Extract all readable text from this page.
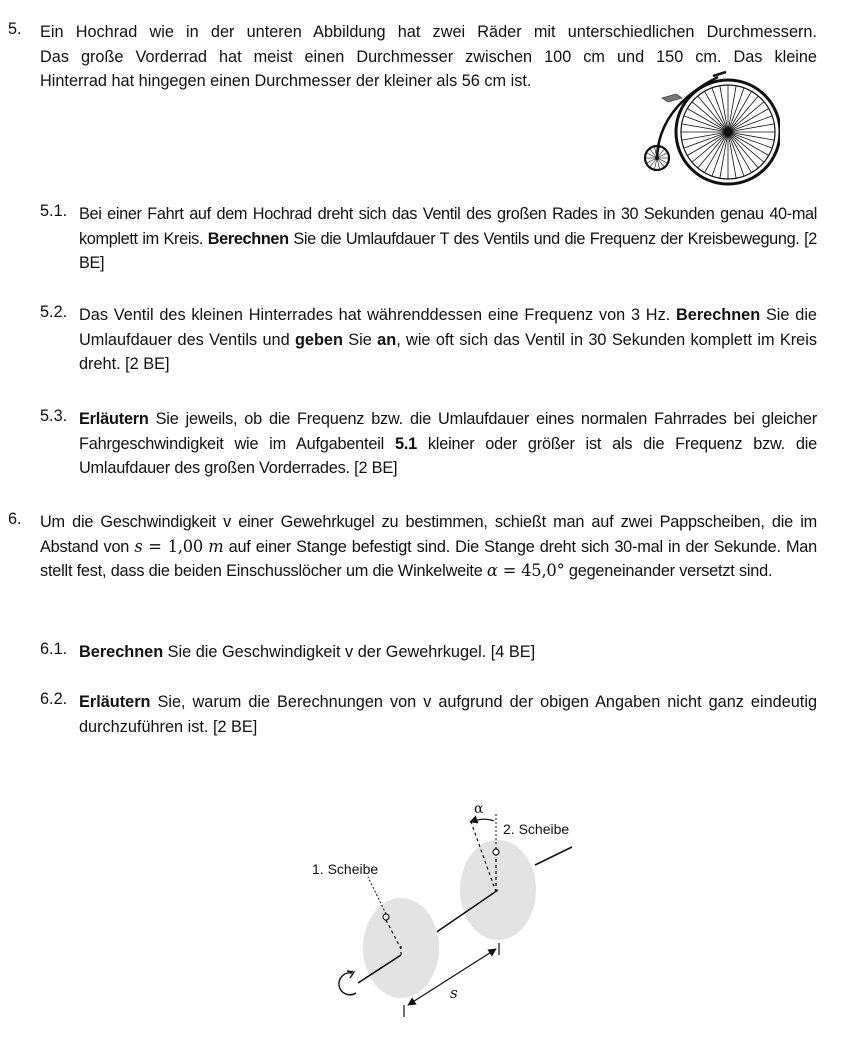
5. Ein Hochrad wie in der unteren Abbildung hat zwei Räder mit unterschiedlichen Durchmessern.
Das große Vorderrad hat meist einen Durchmesser zwischen 100 cm und 150 cm. Das kleine
Hinterrad hat hingegen einen Durchmesser der kleiner als 56 cm ist.
5.1. Bei einer Fahrt auf dem Hochrad dreht sich das Ventil des großen Rades in 30 Sekunden genau 40-mal komplett im Kreis. Berechnen Sie die Umlaufdauer T des Ventils und die Frequenz der Kreisbewegung. [2 BE]
5.2. Das Ventil des kleinen Hinterrades hat währenddessen eine Frequenz von 3 Hz. Berechnen Sie die Umlaufdauer des Ventils und geben Sie an, wie oft sich das Ventil in 30 Sekunden komplett im Kreis dreht. [2 BE]
5.3. Erläutern Sie jeweils, ob die Frequenz bzw. die Umlaufdauer eines normalen Fahrrades bei gleicher Fahrgeschwindigkeit wie im Aufgabenteil 5.1 kleiner oder größer ist als die Frequenz bzw. die Umlaufdauer des großen Vorderrades. [2 BE]
6. Um die Geschwindigkeit v einer Gewehrkugel zu bestimmen, schießt man auf zwei Pappscheiben, die im Abstand von s = 1,00 m auf einer Stange befestigt sind. Die Stange dreht sich 30-mal in der Sekunde. Man stellt fest, dass die beiden Einschusslöcher um die Winkelweite α = 45,0° gegeneinander versetzt sind.
6.1. Berechnen Sie die Geschwindigkeit v der Gewehrkugel. [4 BE]
6.2. Erläutern Sie, warum die Berechnungen von v aufgrund der obigen Angaben nicht ganz eindeutig durchzuführen ist. [2 BE]
1. Scheibe
2. Scheibe
α
s
